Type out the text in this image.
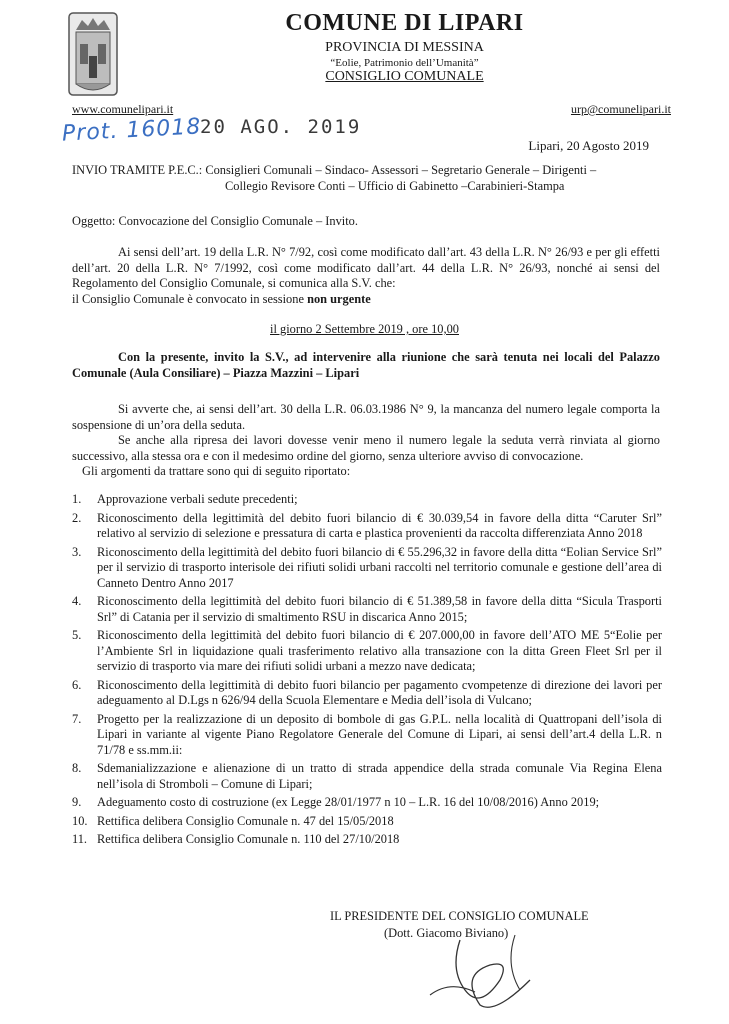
COMUNE DI LIPARI
PROVINCIA DI MESSINA
“Eolie, Patrimonio dell’Umanità”
CONSIGLIO COMUNALE
www.comunelipari.it	urp@comunelipari.it
Prot. 16018
20 AGO. 2019
Lipari, 20 Agosto 2019
INVIO TRAMITE P.E.C.: Consiglieri Comunali – Sindaco- Assessori – Segretario Generale – Dirigenti –
Collegio Revisore Conti – Ufficio di Gabinetto –Carabinieri-Stampa
Oggetto: Convocazione del Consiglio Comunale – Invito.
Ai sensi dell’art. 19 della L.R. N° 7/92, così come modificato dall’art. 43 della L.R. N° 26/93 e per gli effetti dell’art. 20 della L.R. N° 7/1992, così come modificato dall’art. 44 della L.R. N° 26/93, nonché ai sensi del Regolamento del Consiglio Comunale, si comunica alla S.V. che:
il Consiglio Comunale è convocato in sessione non urgente
il giorno 2 Settembre 2019 , ore 10,00
Con la presente, invito la S.V., ad intervenire alla riunione che sarà tenuta nei locali del Palazzo Comunale (Aula Consiliare) – Piazza Mazzini – Lipari
Si avverte che, ai sensi dell’art. 30 della L.R. 06.03.1986 N° 9, la mancanza del numero legale comporta la sospensione di un’ora della seduta.
Se anche alla ripresa dei lavori dovesse venir meno il numero legale la seduta verrà rinviata al giorno successivo, alla stessa ora e con il medesimo ordine del giorno, senza ulteriore avviso di convocazione.
Gli argomenti da trattare sono qui di seguito riportato:
1. Approvazione verbali sedute precedenti;
2. Riconoscimento della legittimità del debito fuori bilancio di € 30.039,54 in favore della ditta “Caruter Srl” relativo al servizio di selezione e pressatura di carta e plastica provenienti da raccolta differenziata Anno 2018
3. Riconoscimento della legittimità del debito fuori bilancio di € 55.296,32 in favore della ditta “Eolian Service Srl” per il servizio di trasporto interisole dei rifiuti solidi urbani raccolti nel territorio comunale e gestione dell’area di Canneto Dentro Anno 2017
4. Riconoscimento della legittimità del debito fuori bilancio di € 51.389,58 in favore della ditta “Sicula Trasporti Srl” di Catania per il servizio di smaltimento RSU in discarica Anno 2015;
5. Riconoscimento della legittimità del debito fuori bilancio di € 207.000,00 in favore dell’ATO ME 5“Eolie per l’Ambiente Srl in liquidazione quali trasferimento relativo alla transazione con la ditta Green Fleet Srl per il servizio di trasporto via mare dei rifiuti solidi urbani a mezzo nave dedicata;
6. Riconoscimento della legittimità di debito fuori bilancio per pagamento cvompetenze di direzione dei lavori per adeguamento al D.Lgs n 626/94 della Scuola Elementare e Media dell’isola di Vulcano;
7. Progetto per la realizzazione di un deposito di bombole di gas G.P.L. nella località di Quattropani dell’isola di Lipari in variante al vigente Piano Regolatore Generale del Comune di Lipari, ai sensi dell’art.4 della L.R. n 71/78 e ss.mm.ii:
8. Sdemanializzazione e alienazione di un tratto di strada appendice della strada comunale Via Regina Elena nell’isola di Stromboli – Comune di Lipari;
9. Adeguamento costo di costruzione (ex Legge 28/01/1977 n 10 – L.R. 16 del 10/08/2016) Anno 2019;
10. Rettifica delibera Consiglio Comunale n. 47 del 15/05/2018
11. Rettifica delibera Consiglio Comunale n. 110 del 27/10/2018
IL PRESIDENTE DEL CONSIGLIO COMUNALE
(Dott. Giacomo Biviano)
